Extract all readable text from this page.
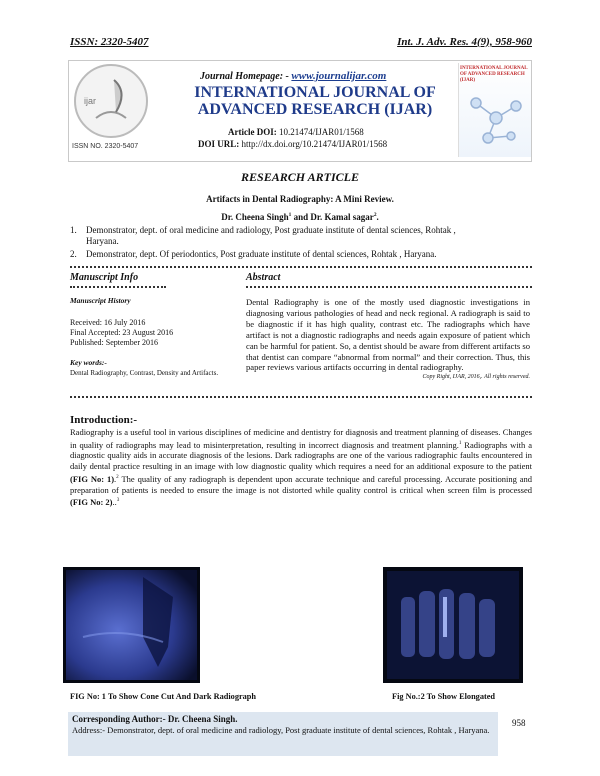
ISSN: 2320-5407	Int. J. Adv. Res. 4(9), 958-960
ijar
ISSN NO. 2320-5407
Journal Homepage: - www.journalijar.com
INTERNATIONAL JOURNAL OF
ADVANCED RESEARCH (IJAR)
Article DOI: 10.21474/IJAR01/1568
DOI URL: http://dx.doi.org/10.21474/IJAR01/1568
INTERNATIONAL JOURNAL OF ADVANCED RESEARCH (IJAR)
RESEARCH ARTICLE
Artifacts in Dental Radiography: A Mini Review.
Dr. Cheena Singh$^1$ and Dr. Kamal sagar$^2$.
1. Demonstrator, dept. of oral medicine and radiology, Post graduate institute of dental sciences, Rohtak ,
Haryana.
2. Demonstrator, dept. Of periodontics, Post graduate institute of dental sciences, Rohtak , Haryana.
Manuscript Info	Abstract
Manuscript History
Received: 16 July 2016
Final Accepted: 23 August 2016
Published: September 2016
Key words:-
Dental Radiography, Contrast, Density and Artifacts.
Dental Radiography is one of the mostly used diagnostic investigations in diagnosing various pathologies of head and neck regional. A radiograph is said to be diagnostic if it has high quality, contrast etc. The radiographs which have artifact is not a diagnostic radiographs and needs again exposure of patient which can be harmful for patient. So, a dentist should be aware from different artifacts so that dentist can compare “abnormal from normal” and their correction. Thus, this paper reviews various artifacts occurring in dental radiography.
Copy Right, IJAR, 2016,. All rights reserved.
Introduction:-
Radiography is a useful tool in various disciplines of medicine and dentistry for diagnosis and treatment planning of diseases. Changes in quality of radiographs may lead to misinterpretation, resulting in incorrect diagnosis and treatment planning.$^1$ Radiographs with a diagnostic quality aids in accurate diagnosis of the lesions. Dark radiographs are one of the various radiographic faults encountered in daily dental practice resulting in an image with low diagnostic quality which requires a need for an additional exposure to the patient (FIG No: 1).$^2$ The quality of any radiograph is dependent upon accurate technique and careful processing. Accurate positioning and preparation of patients is needed to ensure the image is not distorted while quality control is critical when screen film is processed (FIG No: 2)..$^3$
FIG No: 1 To Show Cone Cut And Dark Radiograph	Fig No.:2 To Show Elongated
Corresponding Author:- Dr. Cheena Singh.
Address:- Demonstrator, dept. of oral medicine and radiology, Post graduate institute of dental sciences, Rohtak , Haryana.
958
